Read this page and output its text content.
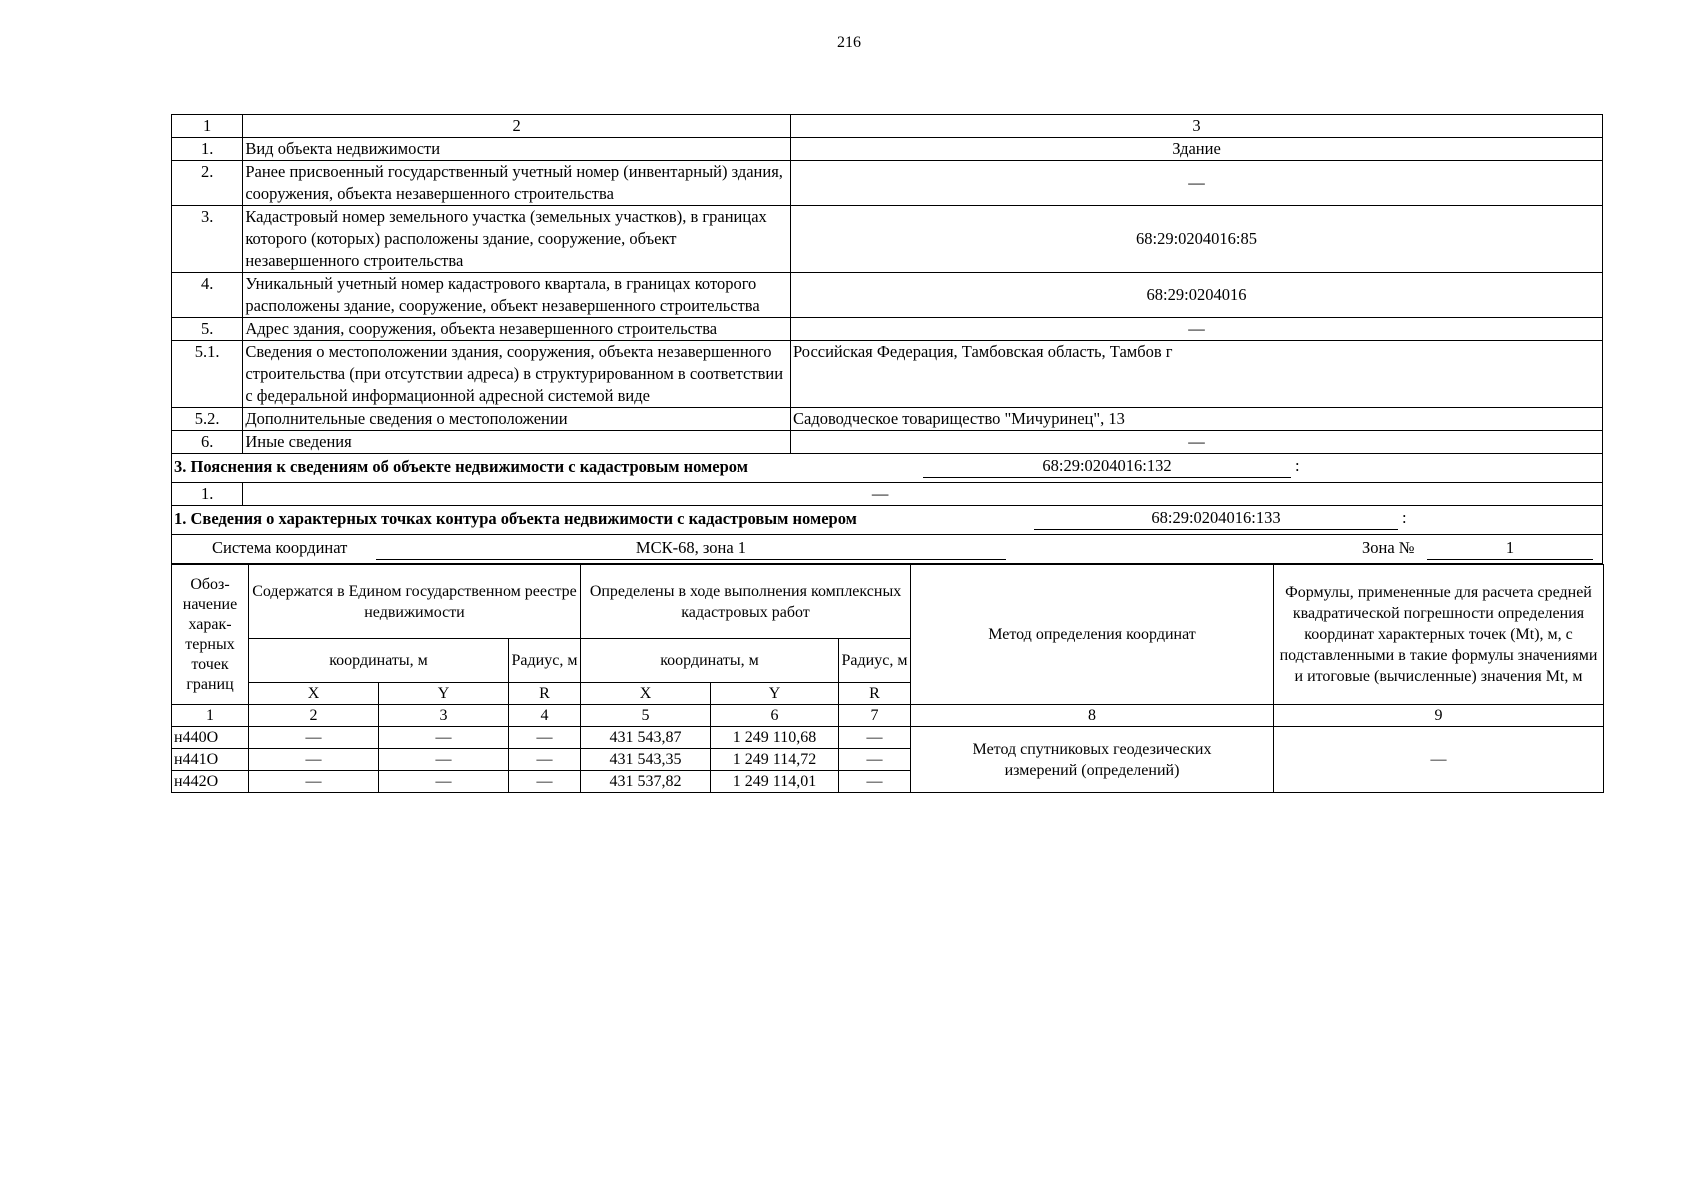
216
1	2	3
1.	Вид объекта недвижимости	Здание
2.	Ранее присвоенный государственный учетный номер (инвентарный) здания, сооружения, объекта незавершенного строительства	—
3.	Кадастровый номер земельного участка (земельных участков), в границах которого (которых) расположены здание, сооружение, объект незавершенного строительства	68:29:0204016:85
4.	Уникальный учетный номер кадастрового квартала, в границах которого расположены здание, сооружение, объект незавершенного строительства	68:29:0204016
5.	Адрес здания, сооружения, объекта незавершенного строительства	—
5.1.	Сведения о местоположении здания, сооружения, объекта незавершенного строительства (при отсутствии адреса) в структурированном в соответствии с федеральной информационной адресной системой виде	Российская Федерация, Тамбовская область, Тамбов г
5.2.	Дополнительные сведения о местоположении	Садоводческое товарищество "Мичуринец", 13
6.	Иные сведения	—

3. Пояснения к сведениям об объекте недвижимости с кадастровым номером 68:29:0204016:132 :		

1.	—	

1. Сведения о характерных точках контура объекта недвижимости с кадастровым номером 68:29:0204016:133 :		

Система координат МСК-68, зона 1 Зона № 1		
Обоз-начение харак-терных точек границ	Содержатся в Едином государственном реестре недвижимости			Определены в ходе выполнения комплексных кадастровых работ			Метод определения координат	Формулы, примененные для расчета средней квадратической погрешности определения координат характерных точек (Mt), м, с подставленными в такие формулы значениями и итоговые (вычисленные) значения Mt, м
	координаты, м		Радиус, м	координаты, м		Радиус, м		
	X	Y	R	X	Y	R		
1	2	3	4	5	6	7	8	9
н440О	—	—	—	431 543,87	1 249 110,68	—	Метод спутниковых геодезических измерений (определений)	—
н441О	—	—	—	431 543,35	1 249 114,72	—		
н442О	—	—	—	431 537,82	1 249 114,01	—		
